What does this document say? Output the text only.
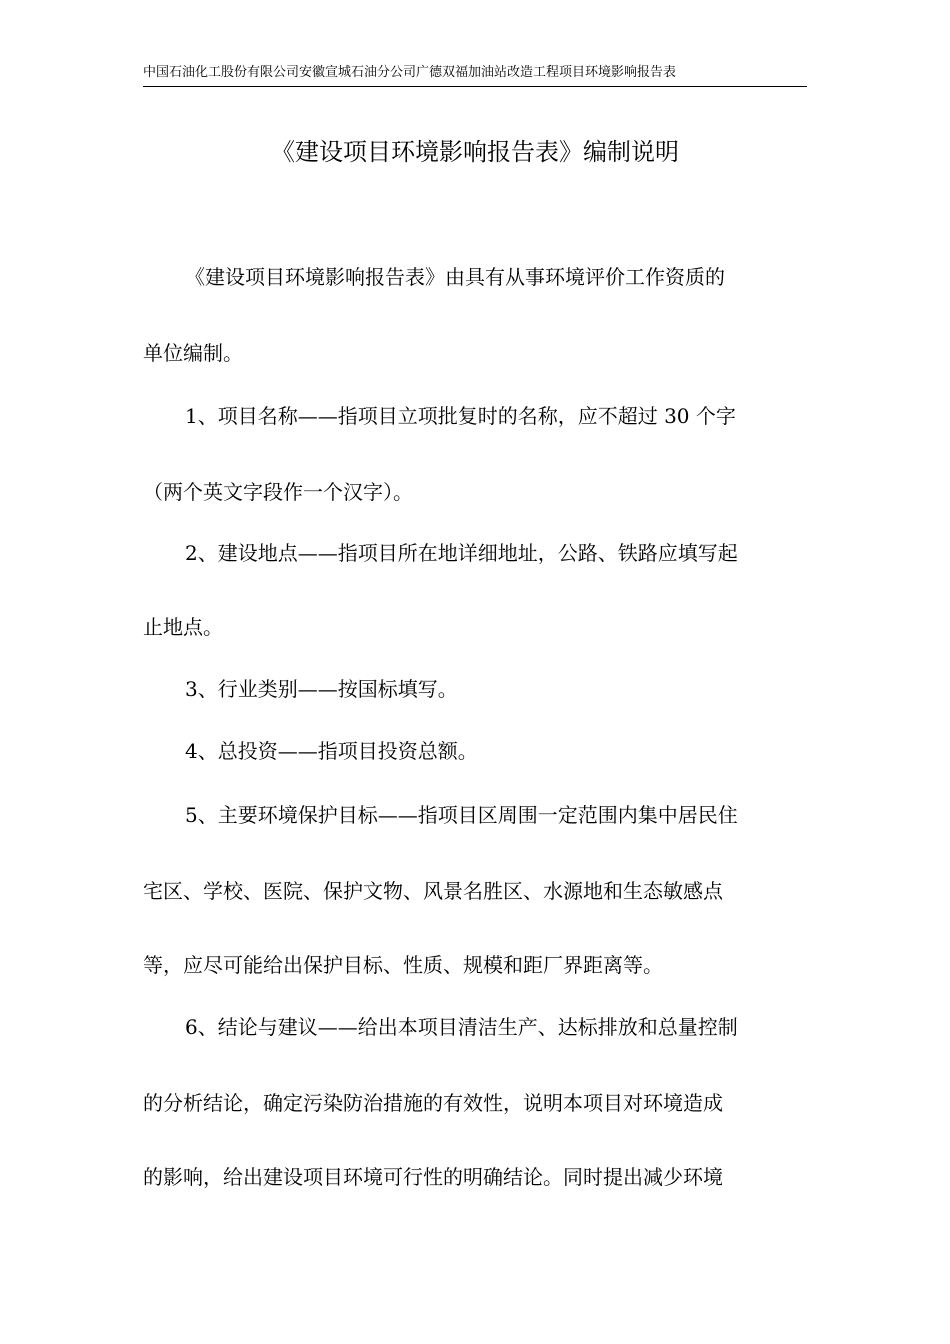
中国石油化工股份有限公司安徽宣城石油分公司广德双福加油站改造工程项目环境影响报告表
《建设项目环境影响报告表》编制说明
《建设项目环境影响报告表》由具有从事环境评价工作资质的
单位编制。
1、项目名称——指项目立项批复时的名称，应不超过 30 个字
（两个英文字段作一个汉字）。
2、建设地点——指项目所在地详细地址，公路、铁路应填写起
止地点。
3、行业类别——按国标填写。
4、总投资——指项目投资总额。
5、主要环境保护目标——指项目区周围一定范围内集中居民住
宅区、学校、医院、保护文物、风景名胜区、水源地和生态敏感点
等，应尽可能给出保护目标、性质、规模和距厂界距离等。
6、结论与建议——给出本项目清洁生产、达标排放和总量控制
的分析结论，确定污染防治措施的有效性，说明本项目对环境造成
的影响，给出建设项目环境可行性的明确结论。同时提出减少环境
